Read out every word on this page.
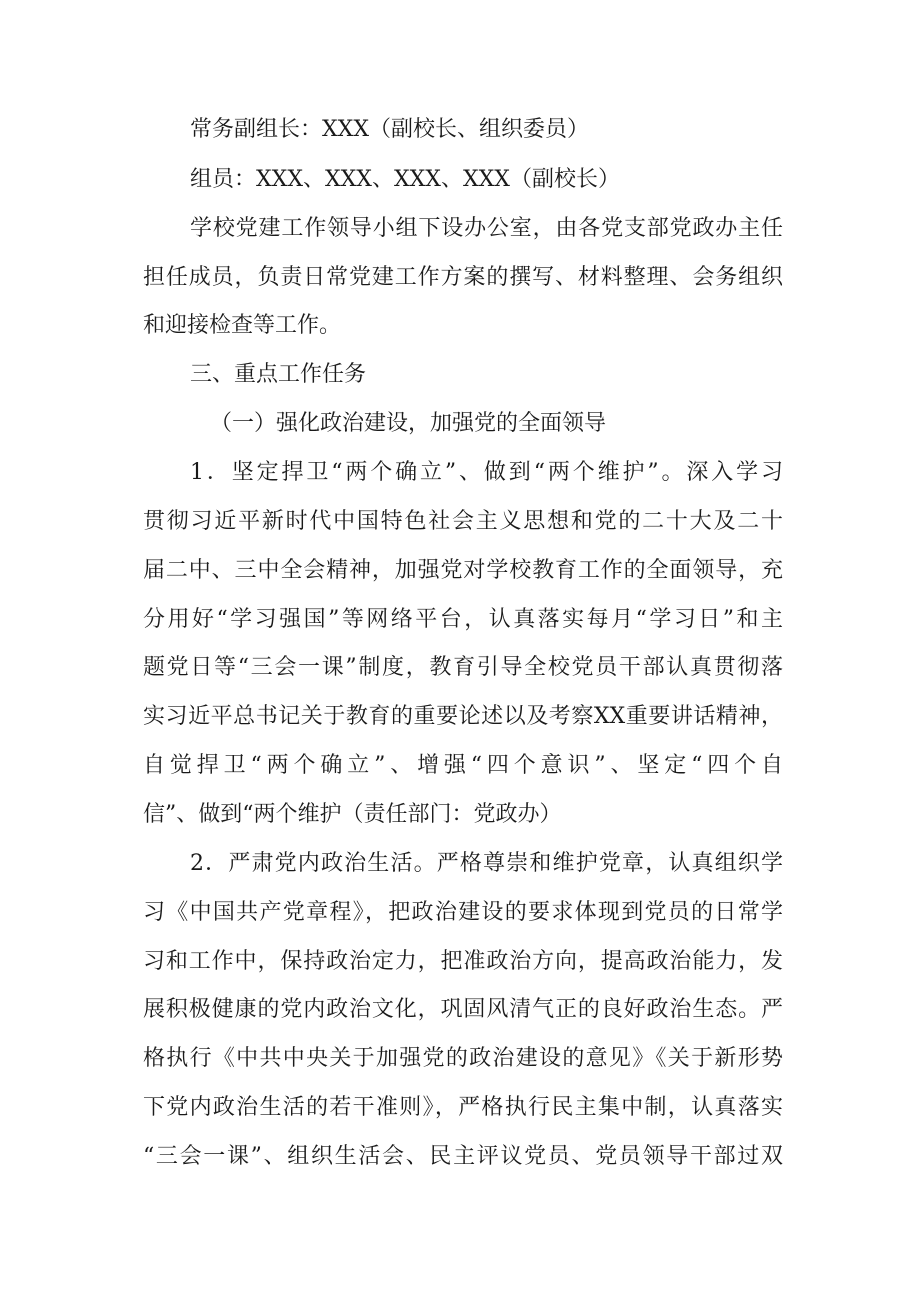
常务副组长：XXX（副校长、组织委员）
组员：XXX、XXX、XXX、XXX（副校长）
学校党建工作领导小组下设办公室，由各党支部党政办主任
担任成员，负责日常党建工作方案的撰写、材料整理、会务组织
和迎接检查等工作。
三、重点工作任务
（一）强化政治建设，加强党的全面领导
1．坚定捍卫“两个确立”、做到“两个维护”。深入学习
贯彻习近平新时代中国特色社会主义思想和党的二十大及二十
届二中、三中全会精神，加强党对学校教育工作的全面领导，充
分用好“学习强国”等网络平台，认真落实每月“学习日”和主
题党日等“三会一课”制度，教育引导全校党员干部认真贯彻落
实习近平总书记关于教育的重要论述以及考察XX重要讲话精神，
自觉捍卫“两个确立”、增强“四个意识”、坚定“四个自
信”、做到“两个维护（责任部门：党政办）
2．严肃党内政治生活。严格尊崇和维护党章，认真组织学
习《中国共产党章程》，把政治建设的要求体现到党员的日常学
习和工作中，保持政治定力，把准政治方向，提高政治能力，发
展积极健康的党内政治文化，巩固风清气正的良好政治生态。严
格执行《中共中央关于加强党的政治建设的意见》《关于新形势
下党内政治生活的若干准则》，严格执行民主集中制，认真落实
“三会一课”、组织生活会、民主评议党员、党员领导干部过双
